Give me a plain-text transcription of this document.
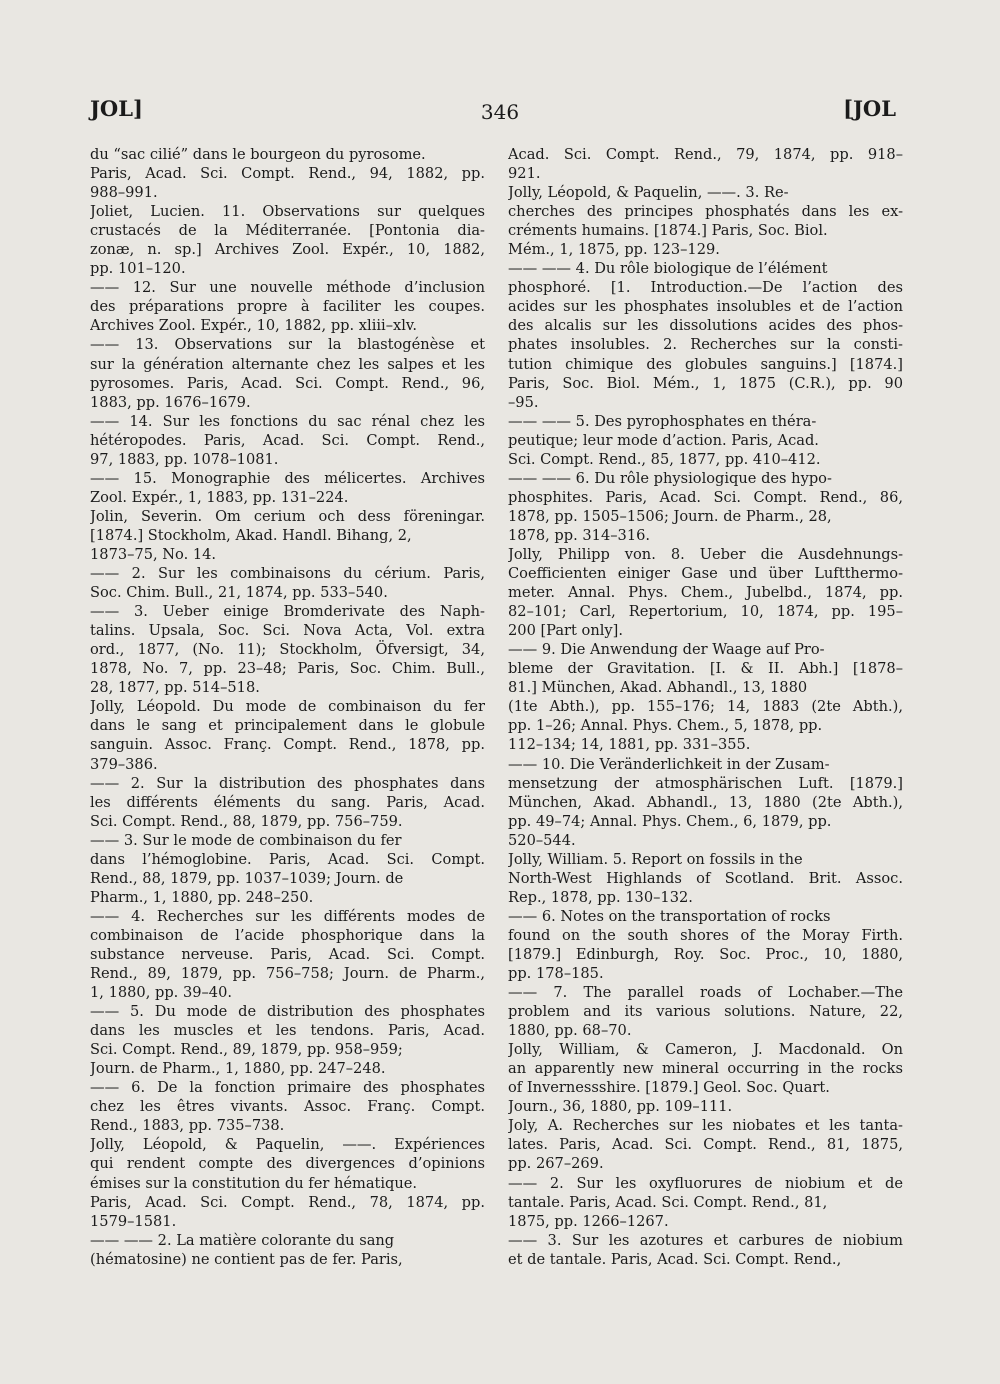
JOL]	346	[JOL
du “sac cilié” dans le bourgeon du pyrosome.
Paris, Acad. Sci. Compt. Rend., 94, 1882, pp.
988–991.
Joliet, Lucien. 11. Observations sur quelques
crustacés de la Méditerranée. [Pontonia dia-
zonæ, n. sp.] Archives Zool. Expér., 10, 1882,
pp. 101–120.
—— 12. Sur une nouvelle méthode d’inclusion
des préparations propre à faciliter les coupes.
Archives Zool. Expér., 10, 1882, pp. xliii–xlv.
—— 13. Observations sur la blastogénèse et
sur la génération alternante chez les salpes et les
pyrosomes. Paris, Acad. Sci. Compt. Rend., 96,
1883, pp. 1676–1679.
—— 14. Sur les fonctions du sac rénal chez les
hétéropodes. Paris, Acad. Sci. Compt. Rend.,
97, 1883, pp. 1078–1081.
—— 15. Monographie des mélicertes. Archives
Zool. Expér., 1, 1883, pp. 131–224.
Jolin, Severin. Om cerium och dess föreningar.
[1874.] Stockholm, Akad. Handl. Bihang, 2,
1873–75, No. 14.
—— 2. Sur les combinaisons du cérium. Paris,
Soc. Chim. Bull., 21, 1874, pp. 533–540.
—— 3. Ueber einige Bromderivate des Naph-
talins. Upsala, Soc. Sci. Nova Acta, Vol. extra
ord., 1877, (No. 11); Stockholm, Öfversigt, 34,
1878, No. 7, pp. 23–48; Paris, Soc. Chim. Bull.,
28, 1877, pp. 514–518.
Jolly, Léopold. Du mode de combinaison du fer
dans le sang et principalement dans le globule
sanguin. Assoc. Franç. Compt. Rend., 1878, pp.
379–386.
—— 2. Sur la distribution des phosphates dans
les différents éléments du sang. Paris, Acad.
Sci. Compt. Rend., 88, 1879, pp. 756–759.
—— 3. Sur le mode de combinaison du fer
dans l’hémoglobine. Paris, Acad. Sci. Compt.
Rend., 88, 1879, pp. 1037–1039; Journ. de
Pharm., 1, 1880, pp. 248–250.
—— 4. Recherches sur les différents modes de
combinaison de l’acide phosphorique dans la
substance nerveuse. Paris, Acad. Sci. Compt.
Rend., 89, 1879, pp. 756–758; Journ. de Pharm.,
1, 1880, pp. 39–40.
—— 5. Du mode de distribution des phosphates
dans les muscles et les tendons. Paris, Acad.
Sci. Compt. Rend., 89, 1879, pp. 958–959;
Journ. de Pharm., 1, 1880, pp. 247–248.
—— 6. De la fonction primaire des phosphates
chez les êtres vivants. Assoc. Franç. Compt.
Rend., 1883, pp. 735–738.
Jolly, Léopold, & Paquelin, ——. Expériences
qui rendent compte des divergences d’opinions
émises sur la constitution du fer hématique.
Paris, Acad. Sci. Compt. Rend., 78, 1874, pp.
1579–1581.
—— —— 2. La matière colorante du sang
(hématosine) ne contient pas de fer. Paris,
Acad. Sci. Compt. Rend., 79, 1874, pp. 918–
921.
Jolly, Léopold, & Paquelin, ——. 3. Re-
cherches des principes phosphatés dans les ex-
créments humains. [1874.] Paris, Soc. Biol.
Mém., 1, 1875, pp. 123–129.
—— —— 4. Du rôle biologique de l’élément
phosphoré. [1. Introduction.—De l’action des
acides sur les phosphates insolubles et de l’action
des alcalis sur les dissolutions acides des phos-
phates insolubles. 2. Recherches sur la consti-
tution chimique des globules sanguins.] [1874.]
Paris, Soc. Biol. Mém., 1, 1875 (C.R.), pp. 90
–95.
—— —— 5. Des pyrophosphates en théra-
peutique; leur mode d’action. Paris, Acad.
Sci. Compt. Rend., 85, 1877, pp. 410–412.
—— —— 6. Du rôle physiologique des hypo-
phosphites. Paris, Acad. Sci. Compt. Rend., 86,
1878, pp. 1505–1506; Journ. de Pharm., 28,
1878, pp. 314–316.
Jolly, Philipp von. 8. Ueber die Ausdehnungs-
Coefficienten einiger Gase und über Luftthermo-
meter. Annal. Phys. Chem., Jubelbd., 1874, pp.
82–101; Carl, Repertorium, 10, 1874, pp. 195–
200 [Part only].
—— 9. Die Anwendung der Waage auf Pro-
bleme der Gravitation. [I. & II. Abh.] [1878–
81.] München, Akad. Abhandl., 13, 1880
(1te Abth.), pp. 155–176; 14, 1883 (2te Abth.),
pp. 1–26; Annal. Phys. Chem., 5, 1878, pp.
112–134; 14, 1881, pp. 331–355.
—— 10. Die Veränderlichkeit in der Zusam-
mensetzung der atmosphärischen Luft. [1879.]
München, Akad. Abhandl., 13, 1880 (2te Abth.),
pp. 49–74; Annal. Phys. Chem., 6, 1879, pp.
520–544.
Jolly, William. 5. Report on fossils in the
North-West Highlands of Scotland. Brit. Assoc.
Rep., 1878, pp. 130–132.
—— 6. Notes on the transportation of rocks
found on the south shores of the Moray Firth.
[1879.] Edinburgh, Roy. Soc. Proc., 10, 1880,
pp. 178–185.
—— 7. The parallel roads of Lochaber.—The
problem and its various solutions. Nature, 22,
1880, pp. 68–70.
Jolly, William, & Cameron, J. Macdonald. On
an apparently new mineral occurring in the rocks
of Invernessshire. [1879.] Geol. Soc. Quart.
Journ., 36, 1880, pp. 109–111.
Joly, A. Recherches sur les niobates et les tanta-
lates. Paris, Acad. Sci. Compt. Rend., 81, 1875,
pp. 267–269.
—— 2. Sur les oxyfluorures de niobium et de
tantale. Paris, Acad. Sci. Compt. Rend., 81,
1875, pp. 1266–1267.
—— 3. Sur les azotures et carbures de niobium
et de tantale. Paris, Acad. Sci. Compt. Rend.,
